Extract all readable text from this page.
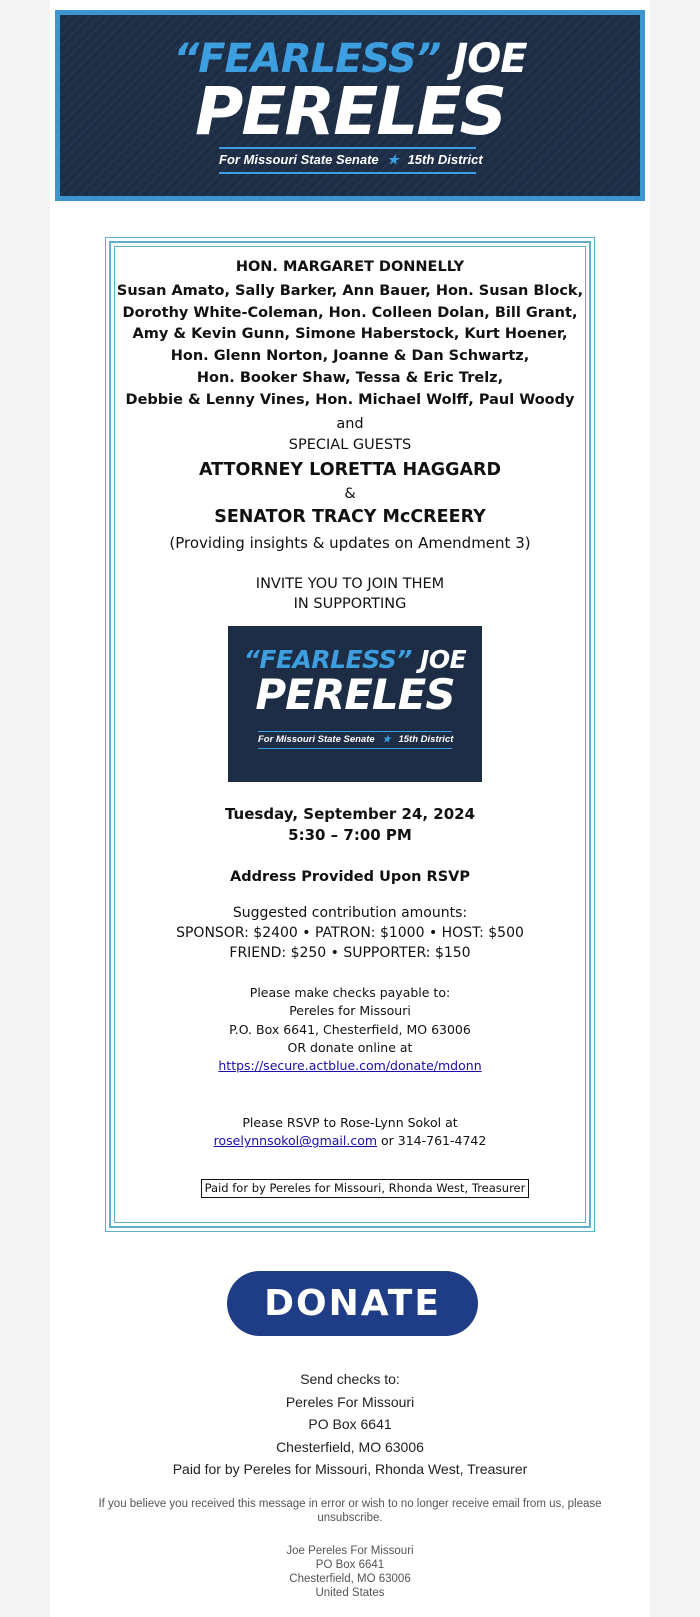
“FEARLESS” JOE
PERELES
For Missouri State Senate ★ 15th District
HON. MARGARET DONNELLY
Susan Amato, Sally Barker, Ann Bauer, Hon. Susan Block,
Dorothy White-Coleman, Hon. Colleen Dolan, Bill Grant,
Amy & Kevin Gunn, Simone Haberstock, Kurt Hoener,
Hon. Glenn Norton, Joanne & Dan Schwartz,
Hon. Booker Shaw, Tessa & Eric Trelz,
Debbie & Lenny Vines, Hon. Michael Wolff, Paul Woody
and
SPECIAL GUESTS
ATTORNEY LORETTA HAGGARD
&
SENATOR TRACY McCREERY
(Providing insights & updates on Amendment 3)
INVITE YOU TO JOIN THEM
IN SUPPORTING
“FEARLESS” JOE
PERELES
For Missouri State Senate ★ 15th District
Tuesday, September 24, 2024
5:30 – 7:00 PM
Address Provided Upon RSVP
Suggested contribution amounts:
SPONSOR: $2400 • PATRON: $1000 • HOST: $500
FRIEND: $250 • SUPPORTER: $150
Please make checks payable to:
Pereles for Missouri
P.O. Box 6641, Chesterfield, MO 63006
OR donate online at
https://secure.actblue.com/donate/mdonn
Please RSVP to Rose-Lynn Sokol at
roselynnsokol@gmail.com or 314-761-4742
Paid for by Pereles for Missouri, Rhonda West, Treasurer
DONATE
Send checks to:
Pereles For Missouri
PO Box 6641
Chesterfield, MO 63006
Paid for by Pereles for Missouri, Rhonda West, Treasurer
If you believe you received this message in error or wish to no longer receive email from us, please unsubscribe.
Joe Pereles For Missouri
PO Box 6641
Chesterfield, MO 63006
United States
